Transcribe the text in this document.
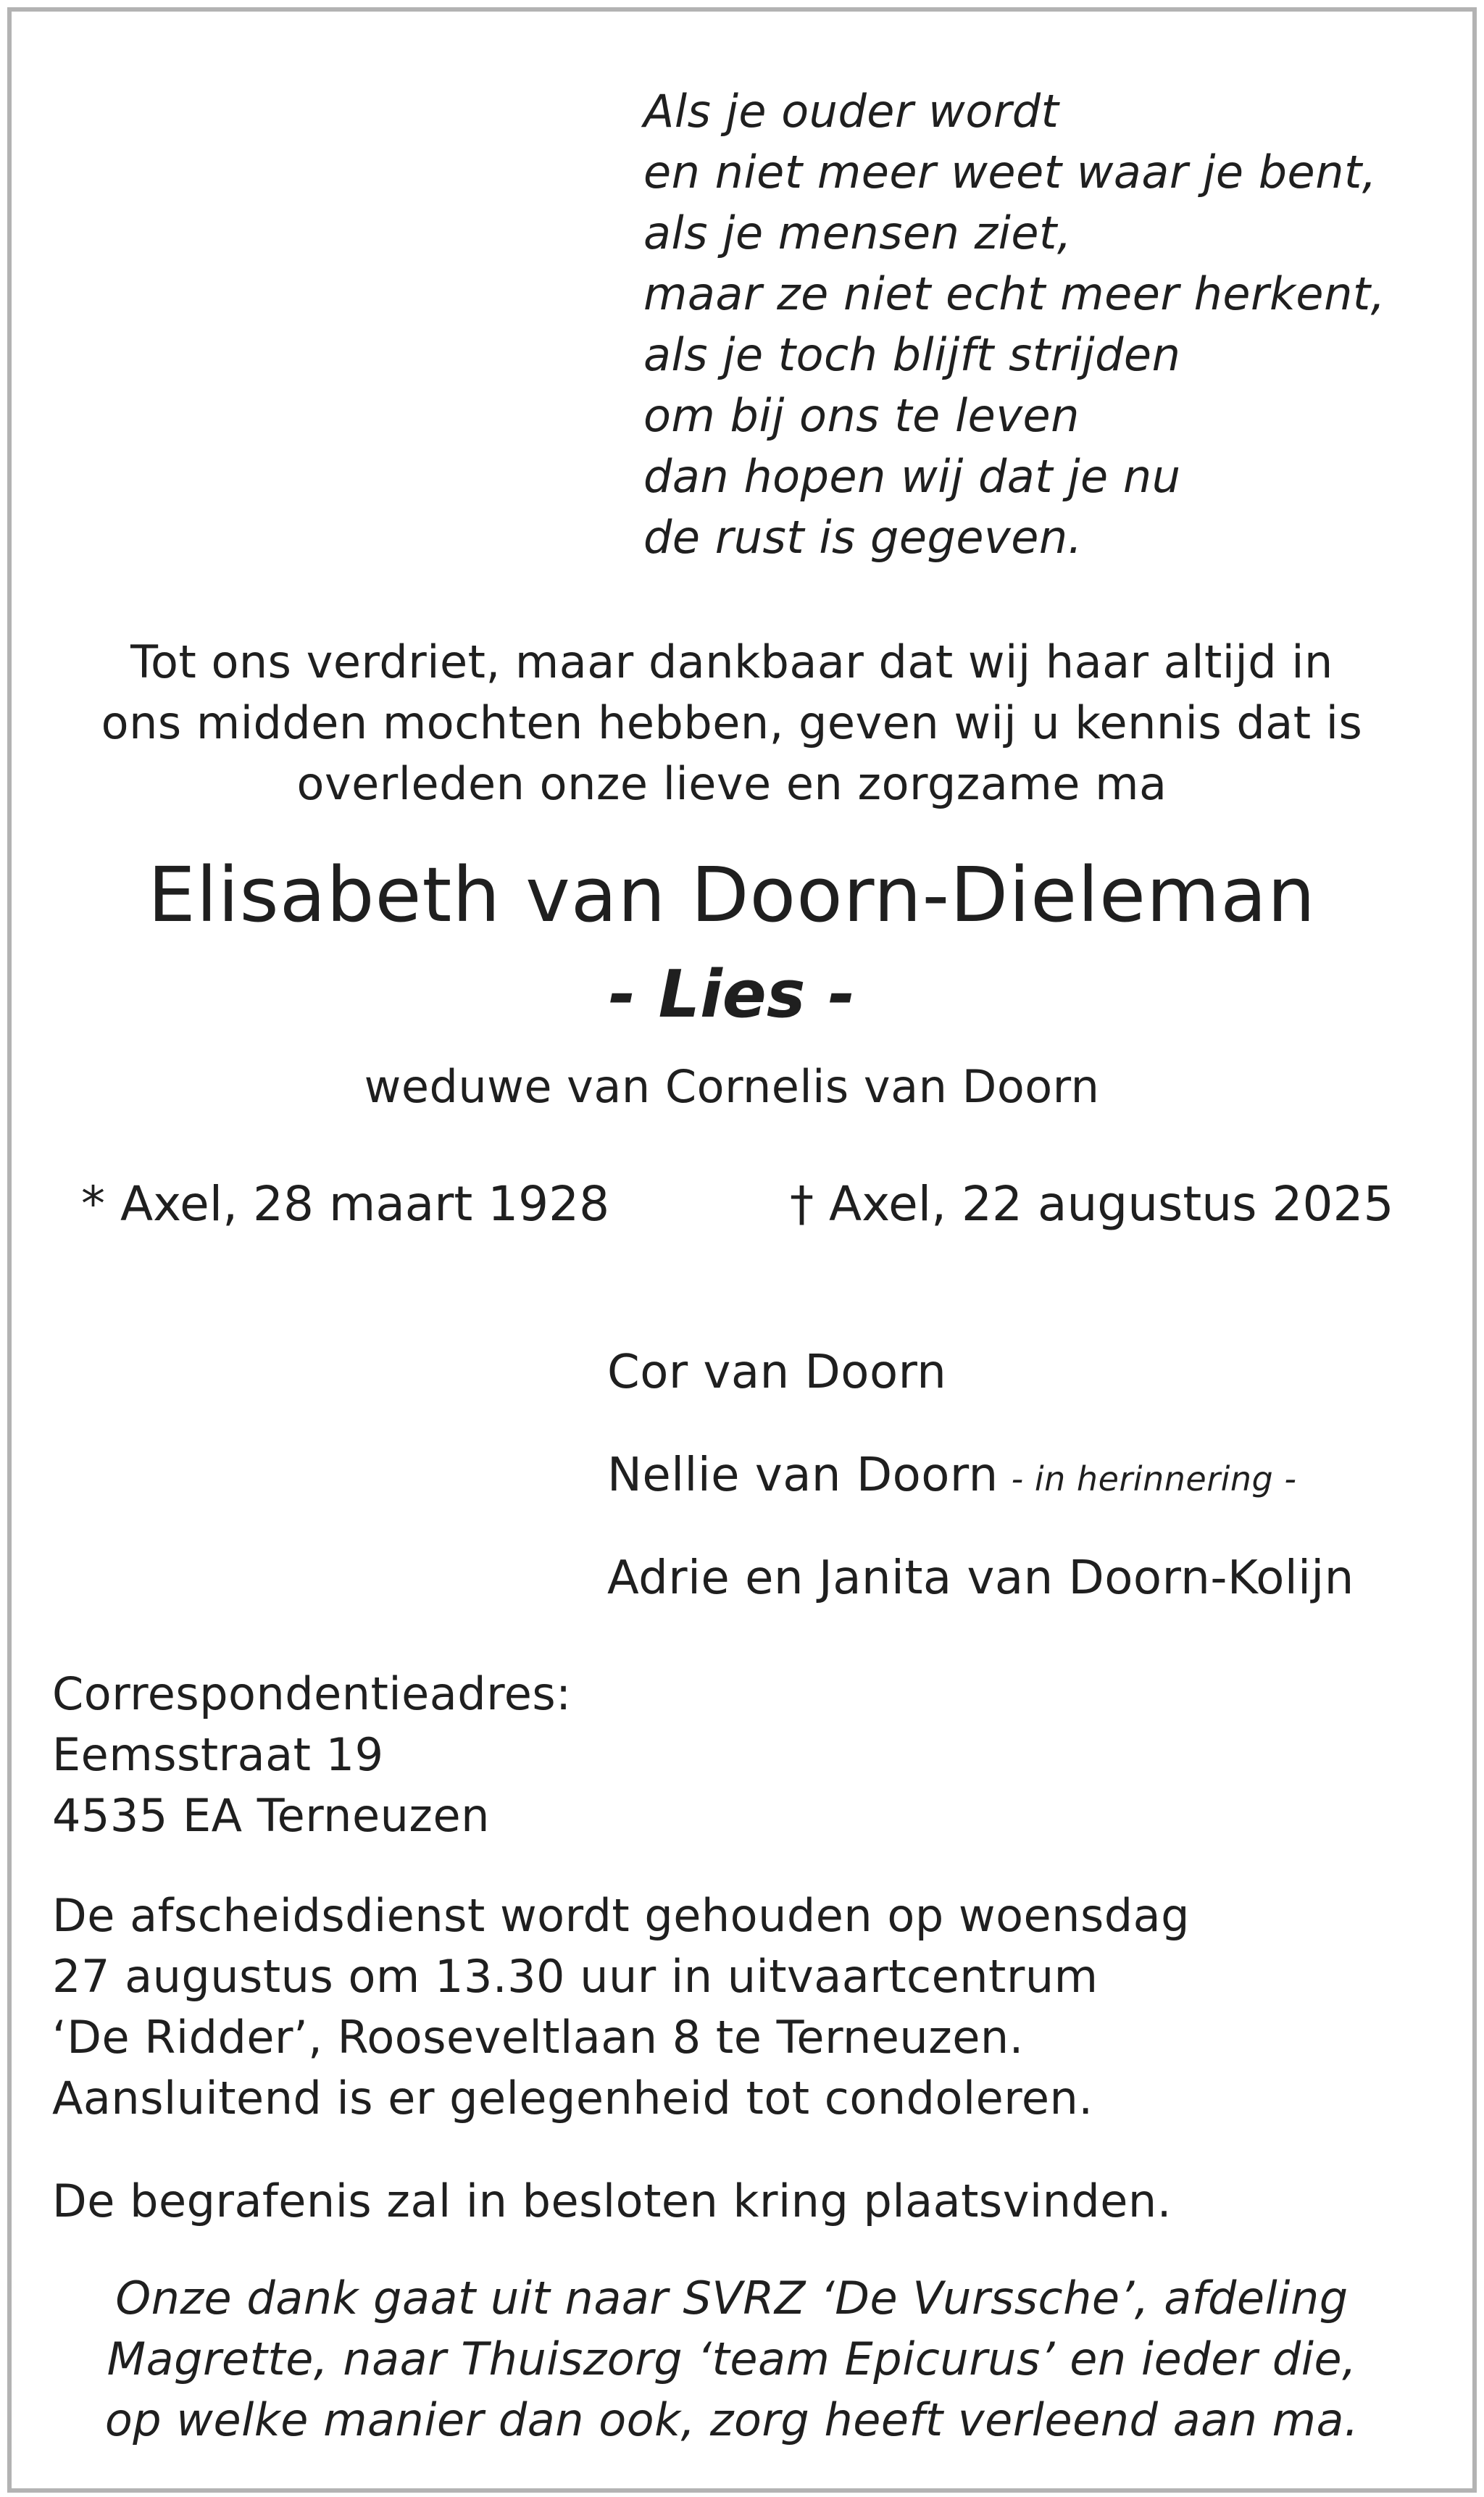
Als je ouder wordt
en niet meer weet waar je bent,
als je mensen ziet,
maar ze niet echt meer herkent,
als je toch blijft strijden
om bij ons te leven
dan hopen wij dat je nu
de rust is gegeven.
Tot ons verdriet, maar dankbaar dat wij haar altijd in
ons midden mochten hebben, geven wij u kennis dat is
overleden onze lieve en zorgzame ma
Elisabeth van Doorn-Dieleman
- Lies -
weduwe van Cornelis van Doorn
* Axel, 28 maart 1928	† Axel, 22 augustus 2025
Cor van Doorn
Nellie van Doorn - in herinnering -
Adrie en Janita van Doorn-Kolijn
Correspondentieadres:
Eemsstraat 19
4535 EA Terneuzen
De afscheidsdienst wordt gehouden op woensdag
27 augustus om 13.30 uur in uitvaartcentrum
‘De Ridder’, Rooseveltlaan 8 te Terneuzen.
Aansluitend is er gelegenheid tot condoleren.
De begrafenis zal in besloten kring plaatsvinden.
Onze dank gaat uit naar SVRZ ‘De Vurssche’, afdeling
Magrette, naar Thuiszorg ‘team Epicurus’ en ieder die,
op welke manier dan ook, zorg heeft verleend aan ma.
